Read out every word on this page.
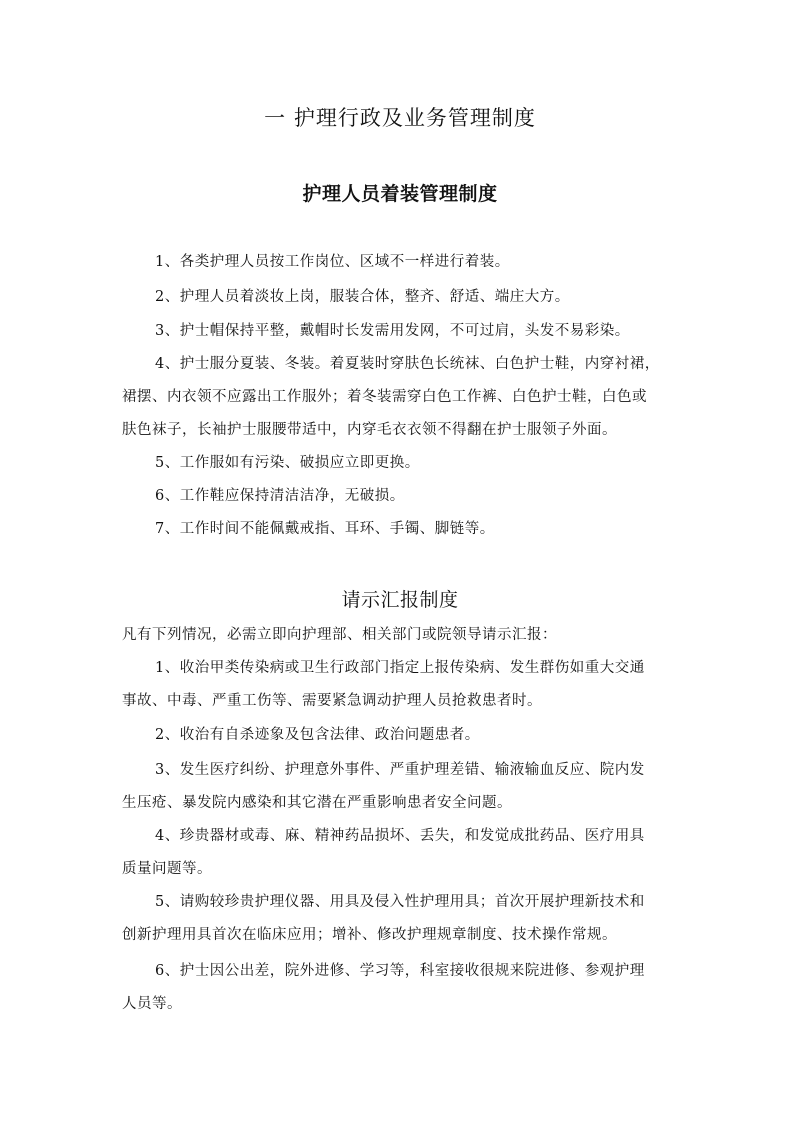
一 护理行政及业务管理制度
护理人员着装管理制度
1、各类护理人员按工作岗位、区域不一样进行着装。
2、护理人员着淡妆上岗，服装合体，整齐、舒适、端庄大方。
3、护士帽保持平整，戴帽时长发需用发网，不可过肩，头发不易彩染。
4、护士服分夏装、冬装。着夏装时穿肤色长统袜、白色护士鞋，内穿衬裙，
裙摆、内衣领不应露出工作服外；着冬装需穿白色工作裤、白色护士鞋，白色或
肤色袜子，长袖护士服腰带适中，内穿毛衣衣领不得翻在护士服领子外面。
5、工作服如有污染、破损应立即更换。
6、工作鞋应保持清洁洁净，无破损。
7、工作时间不能佩戴戒指、耳环、手镯、脚链等。
请示汇报制度
凡有下列情况，必需立即向护理部、相关部门或院领导请示汇报：
1、收治甲类传染病或卫生行政部门指定上报传染病、发生群伤如重大交通
事故、中毒、严重工伤等、需要紧急调动护理人员抢救患者时。
2、收治有自杀迹象及包含法律、政治问题患者。
3、发生医疗纠纷、护理意外事件、严重护理差错、输液输血反应、院内发
生压疮、暴发院内感染和其它潜在严重影响患者安全问题。
4、珍贵器材或毒、麻、精神药品损坏、丢失，和发觉成批药品、医疗用具
质量问题等。
5、请购较珍贵护理仪器、用具及侵入性护理用具；首次开展护理新技术和
创新护理用具首次在临床应用；增补、修改护理规章制度、技术操作常规。
6、护士因公出差，院外进修、学习等，科室接收很规来院进修、参观护理
人员等。
